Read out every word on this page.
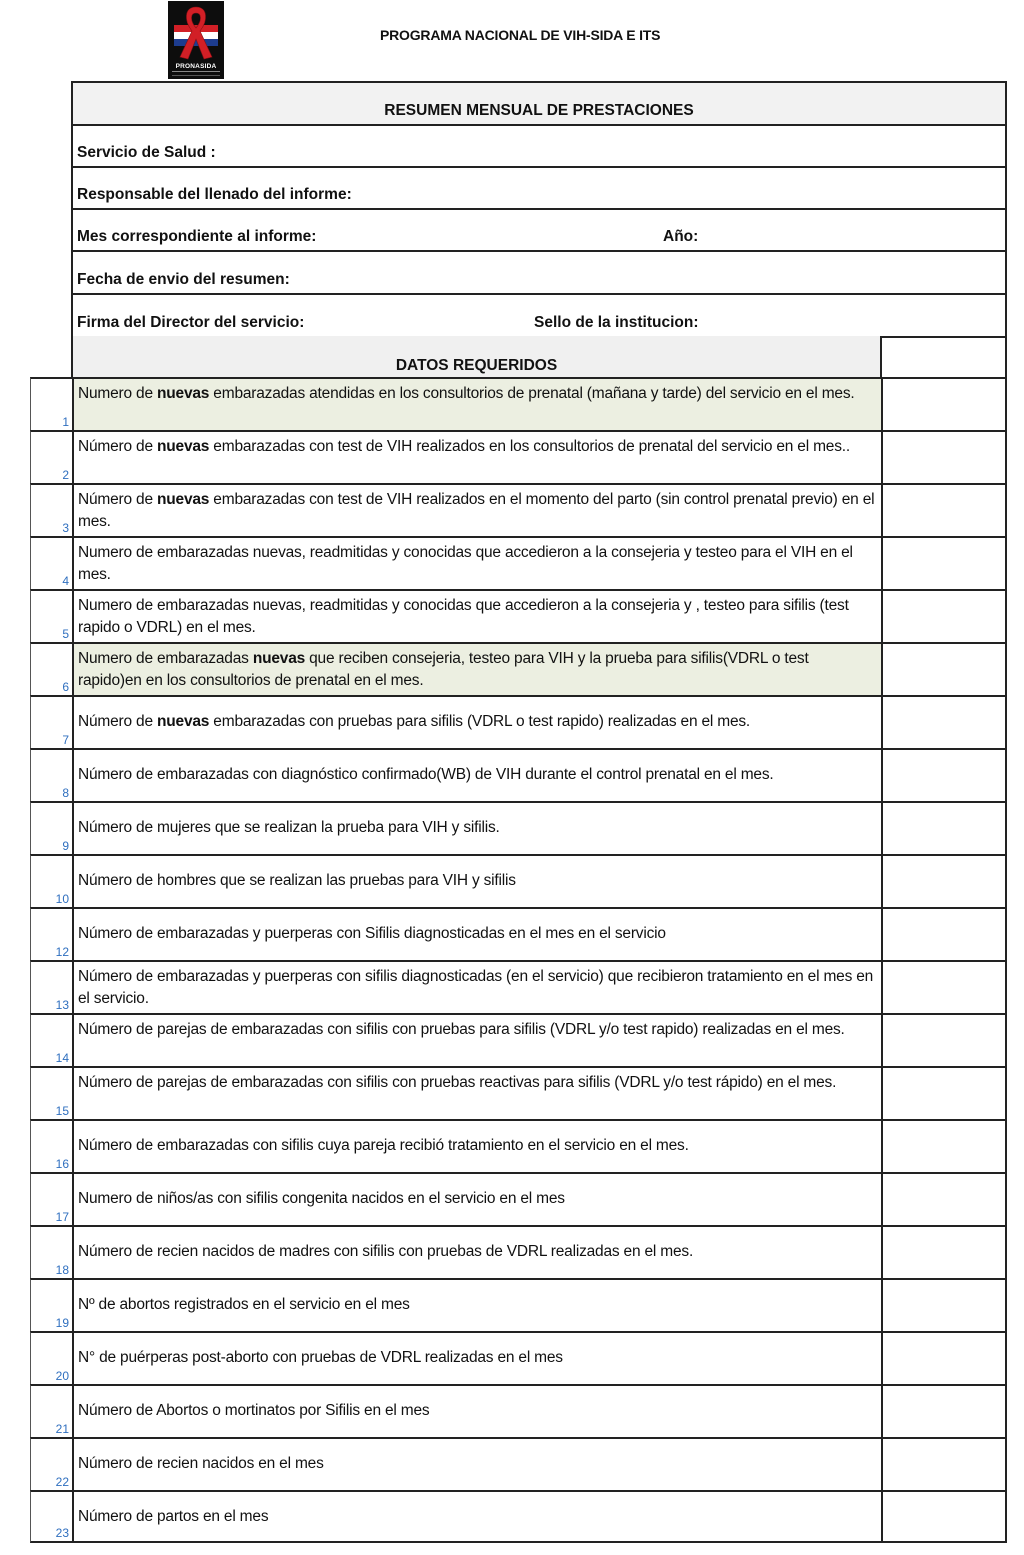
PRONASIDA
PROGRAMA NACIONAL DE VIH-SIDA E ITS
RESUMEN MENSUAL DE PRESTACIONES
Servicio de Salud :
Responsable del llenado del informe:
Mes correspondiente al informe:	Año:
Fecha de envio del resumen:
Firma del Director del servicio:	Sello de la institucion:
DATOS REQUERIDOS
1
Numero de nuevas embarazadas atendidas en los consultorios de prenatal (mañana y tarde) del servicio en el mes.
2
Número de nuevas embarazadas con test de VIH realizados en los consultorios de prenatal del servicio en el mes..
3
Número de nuevas embarazadas con test de VIH realizados en el momento del parto (sin control prenatal previo) en el mes.
4
Numero de embarazadas nuevas, readmitidas y conocidas que accedieron a la consejeria y testeo para el VIH en el mes.
5
Numero de embarazadas nuevas, readmitidas y conocidas que accedieron a la consejeria y , testeo para sifilis (test rapido o VDRL) en el mes.
6
Numero de embarazadas nuevas que reciben consejeria, testeo para VIH y la prueba para sifilis(VDRL o test rapido)en en los consultorios de prenatal en el mes.
7
Número de nuevas embarazadas con pruebas para sifilis (VDRL o test rapido) realizadas en el mes.
8
Número de embarazadas con diagnóstico confirmado(WB) de VIH durante el control prenatal en el mes.
9
Número de mujeres que se realizan la prueba para VIH y sifilis.
10
Número de hombres que se realizan las pruebas para VIH y sifilis
12
Número de embarazadas y puerperas con Sifilis diagnosticadas en el mes en el servicio
13
Número de embarazadas y puerperas con sifilis diagnosticadas (en el servicio) que recibieron tratamiento en el mes en el servicio.
14
Número de parejas de embarazadas con sifilis con pruebas para sifilis (VDRL y/o test rapido) realizadas en el mes.
15
Número de parejas de embarazadas con sifilis con pruebas reactivas para sifilis (VDRL y/o test rápido) en el mes.
16
Número de embarazadas con sifilis cuya pareja recibió tratamiento en el servicio en el mes.
17
Numero de niños/as con sifilis congenita nacidos en el servicio en el mes
18
Número de recien nacidos de madres con sifilis con pruebas de VDRL realizadas en el mes.
19
Nº de abortos registrados en el servicio en el mes
20
N° de puérperas post-aborto con pruebas de VDRL realizadas en el mes
21
Número de Abortos o mortinatos por Sifilis en el mes
22
Número de recien nacidos en el mes
23
Número de partos en el mes
